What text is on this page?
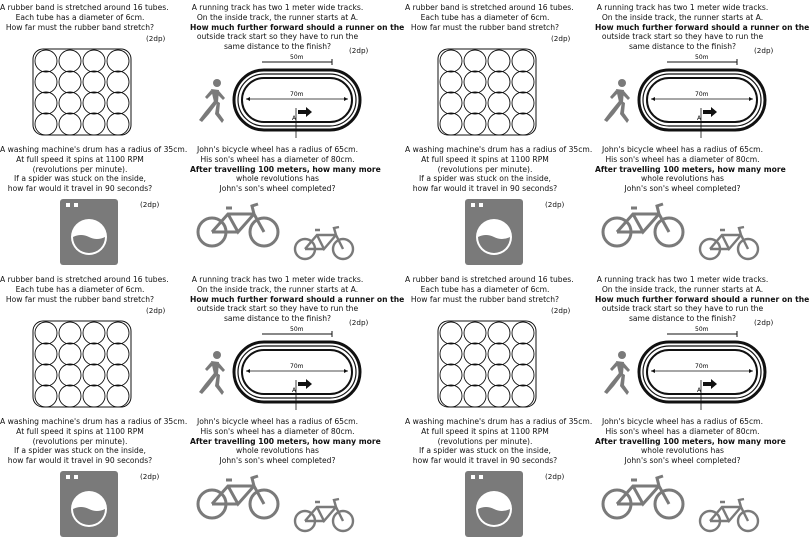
A rubber band is stretched around 16 tubes.
Each tube has a diameter of 6cm.
How far must the rubber band stretch?
(2dp)
A running track has two 1 meter wide tracks.
On the inside track, the runner starts at A.
How much further forward should a runner on the
outside track start so they have to run the
same distance to the finish?	(2dp)
A
70m
50m
A washing machine's drum has a radius of 35cm.
At full speed it spins at 1100 RPM
(revolutions per minute).
If a spider was stuck on the inside,
how far would it travel in 90 seconds?
(2dp)
John's bicycle wheel has a radius of 65cm.
His son's wheel has a diameter of 80cm.
After travelling 100 meters, how many more
whole revolutions has
John's son's wheel completed?
A rubber band is stretched around 16 tubes.
Each tube has a diameter of 6cm.
How far must the rubber band stretch?
(2dp)
A running track has two 1 meter wide tracks.
On the inside track, the runner starts at A.
How much further forward should a runner on the
outside track start so they have to run the
same distance to the finish?	(2dp)
A
70m
50m
A washing machine's drum has a radius of 35cm.
At full speed it spins at 1100 RPM
(revolutions per minute).
If a spider was stuck on the inside,
how far would it travel in 90 seconds?
(2dp)
John's bicycle wheel has a radius of 65cm.
His son's wheel has a diameter of 80cm.
After travelling 100 meters, how many more
whole revolutions has
John's son's wheel completed?
A rubber band is stretched around 16 tubes.
Each tube has a diameter of 6cm.
How far must the rubber band stretch?
(2dp)
A running track has two 1 meter wide tracks.
On the inside track, the runner starts at A.
How much further forward should a runner on the
outside track start so they have to run the
same distance to the finish?	(2dp)
A
70m
50m
A washing machine's drum has a radius of 35cm.
At full speed it spins at 1100 RPM
(revolutions per minute).
If a spider was stuck on the inside,
how far would it travel in 90 seconds?
(2dp)
John's bicycle wheel has a radius of 65cm.
His son's wheel has a diameter of 80cm.
After travelling 100 meters, how many more
whole revolutions has
John's son's wheel completed?
A rubber band is stretched around 16 tubes.
Each tube has a diameter of 6cm.
How far must the rubber band stretch?
(2dp)
A running track has two 1 meter wide tracks.
On the inside track, the runner starts at A.
How much further forward should a runner on the
outside track start so they have to run the
same distance to the finish?	(2dp)
A
70m
50m
A washing machine's drum has a radius of 35cm.
At full speed it spins at 1100 RPM
(revolutions per minute).
If a spider was stuck on the inside,
how far would it travel in 90 seconds?
(2dp)
John's bicycle wheel has a radius of 65cm.
His son's wheel has a diameter of 80cm.
After travelling 100 meters, how many more
whole revolutions has
John's son's wheel completed?
